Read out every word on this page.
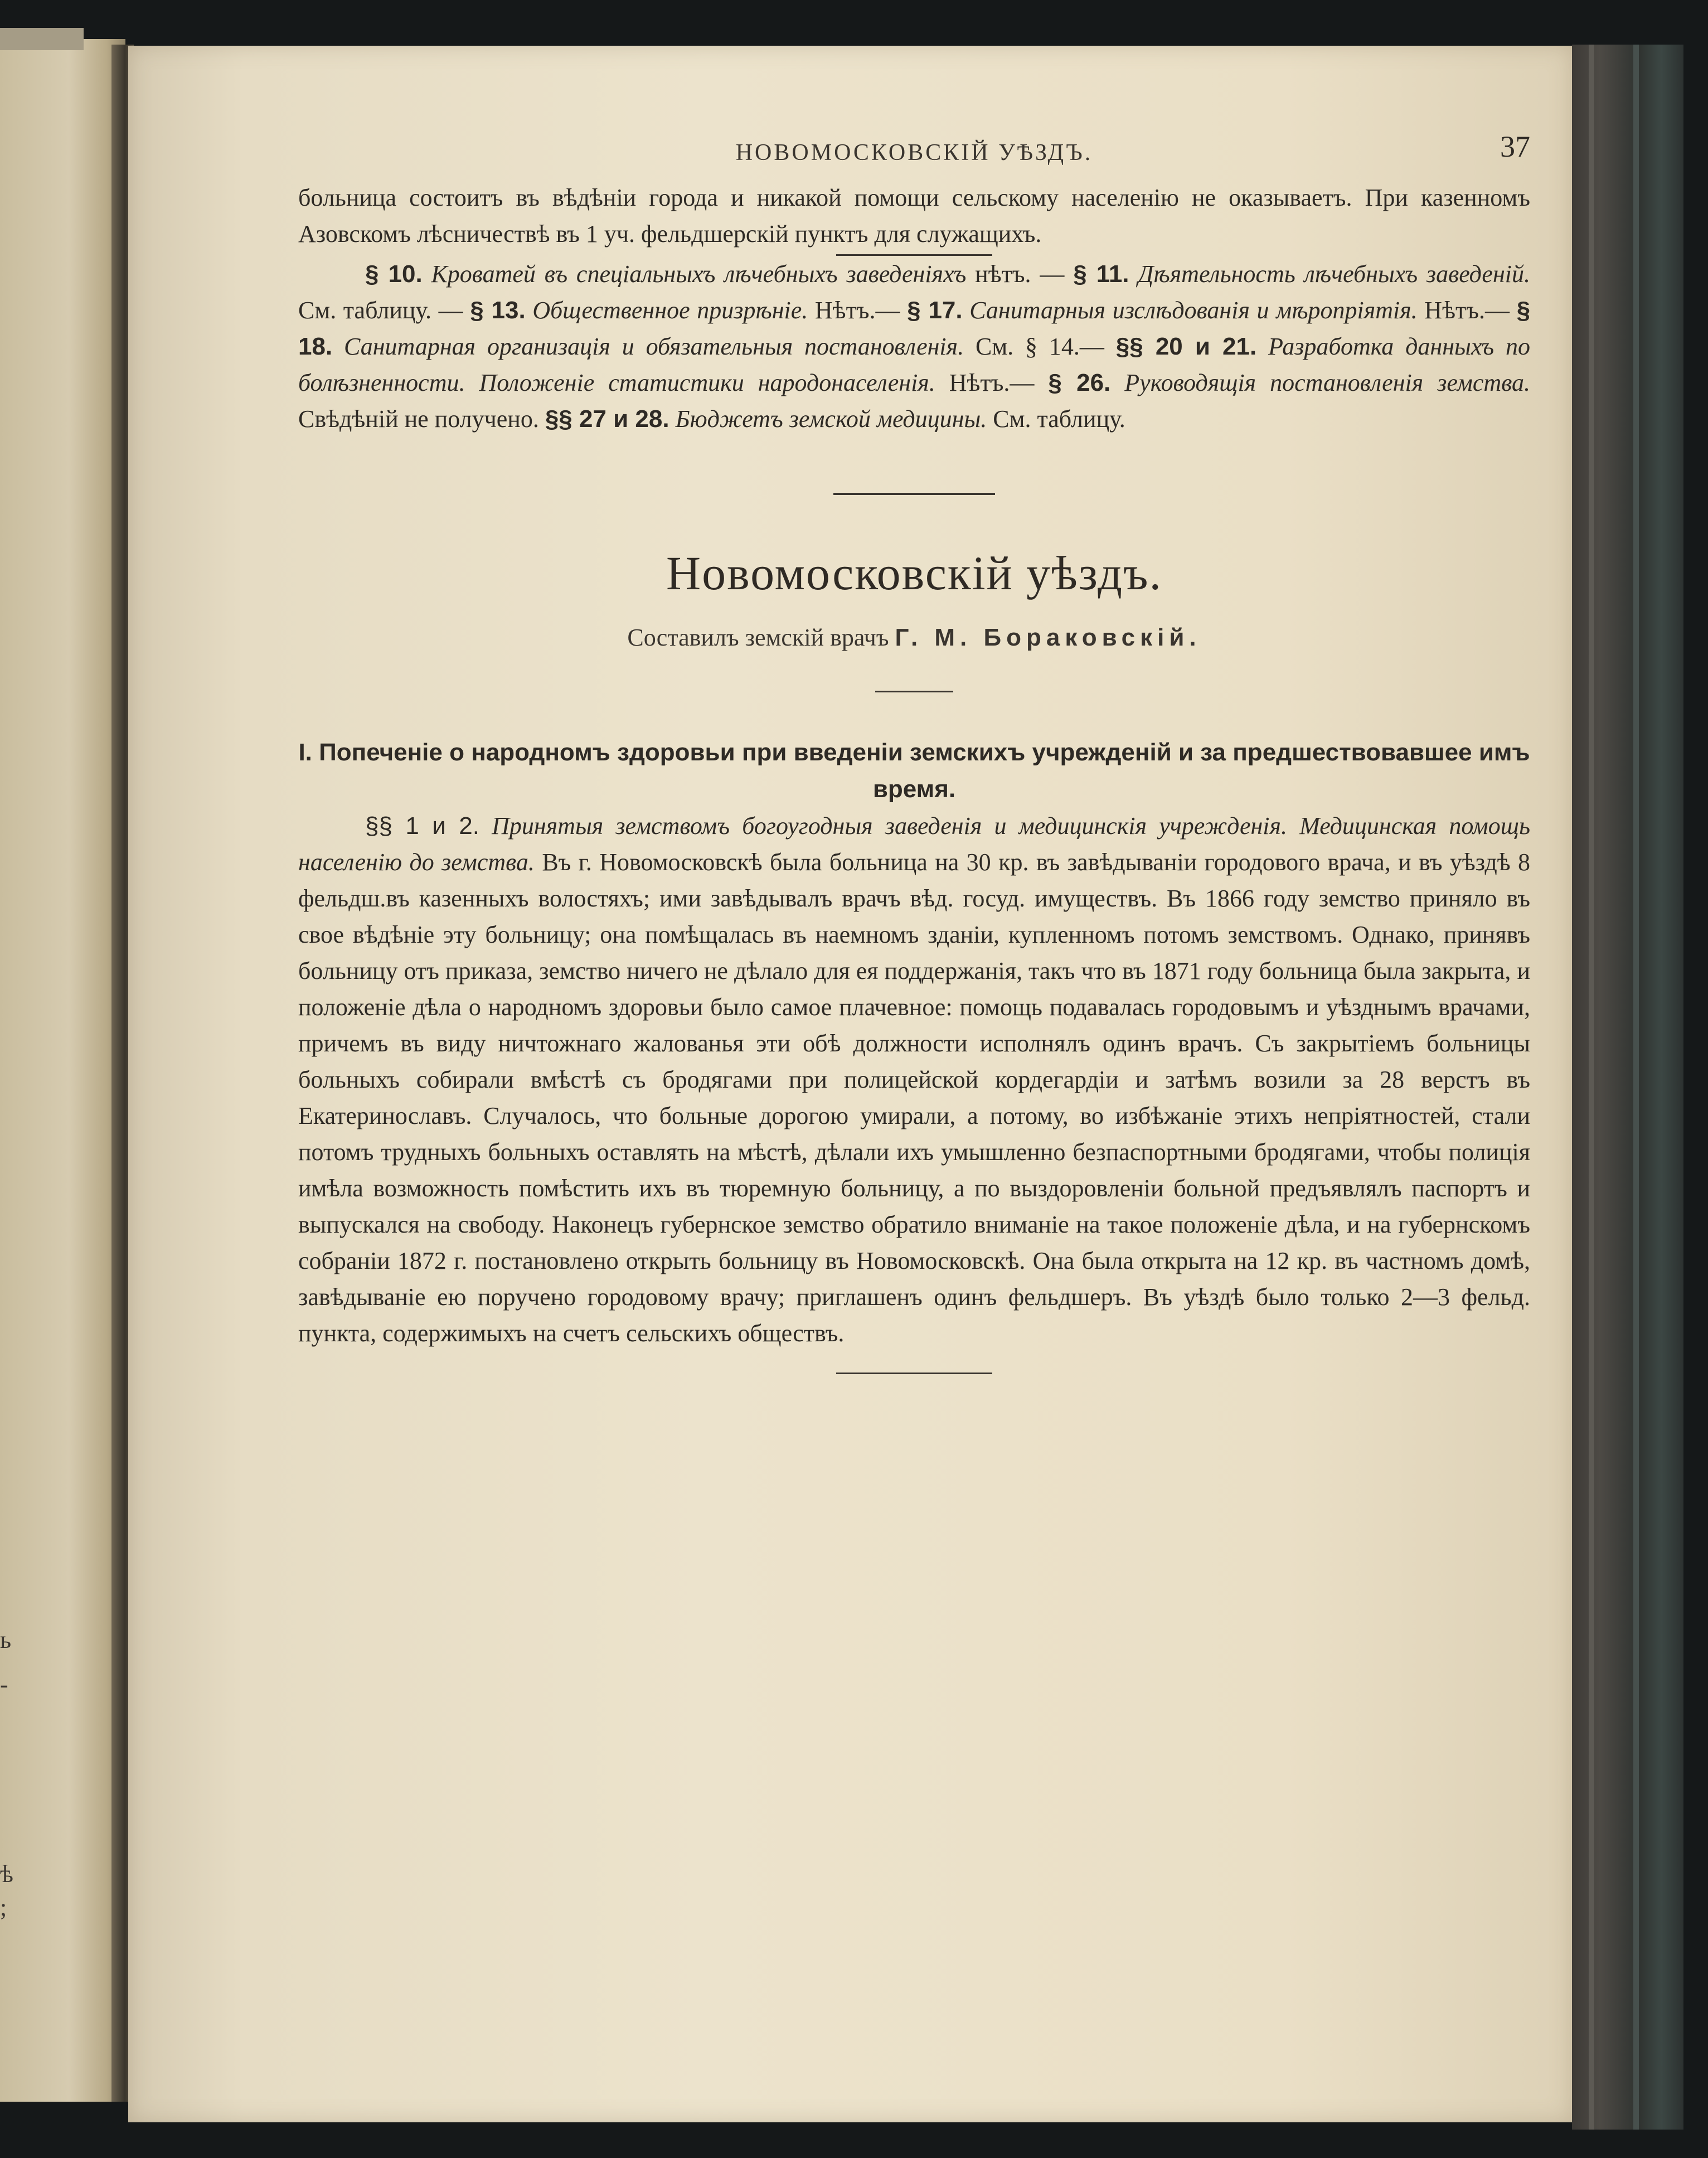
ь
-
ѣ
;
НОВОМОСКОВСКІЙ УѢЗДЪ.	37

больница состоитъ въ вѣдѣніи города и никакой помощи сельскому населенію не оказываетъ. При казенномъ Азовскомъ лѣсничествѣ въ 1 уч. фельдшерскій пунктъ для служащихъ.

§ 10. Кроватей въ спеціальныхъ лѣчебныхъ заведеніяхъ нѣтъ. — § 11. Дѣятельность лѣчебныхъ заведеній. См. таблицу. — § 13. Общественное призрѣніе. Нѣтъ.— § 17. Санитарныя изслѣдованія и мѣропріятія. Нѣтъ.— § 18. Санитарная организація и обязательныя постановленія. См. § 14.— §§ 20 и 21. Разработка данныхъ по болѣзненности. Положеніе статистики народонаселенія. Нѣтъ.— § 26. Руководящія постановленія земства. Свѣдѣній не получено. §§ 27 и 28. Бюджетъ земской медицины. См. таблицу.

Новомосковскій уѣздъ.
Составилъ земскій врачъ Г. М. Бораковскій.
I. Попеченіе о народномъ здоровьи при введеніи земскихъ учрежденій и за предшествовавшее имъ время.

§§ 1 и 2. Принятыя земствомъ богоугодныя заведенія и медицинскія учрежденія. Медицинская помощь населенію до земства. Въ г. Новомосковскѣ была больница на 30 кр. въ завѣдываніи городового врача, и въ уѣздѣ 8 фельдш.въ казенныхъ волостяхъ; ими завѣдывалъ врачъ вѣд. госуд. имуществъ. Въ 1866 году земство приняло въ свое вѣдѣніе эту больницу; она помѣщалась въ наемномъ зданіи, купленномъ потомъ земствомъ. Однако, принявъ больницу отъ приказа, земство ничего не дѣлало для ея поддержанія, такъ что въ 1871 году больница была закрыта, и положеніе дѣла о народномъ здоровьи было самое плачевное: помощь подавалась городовымъ и уѣзднымъ врачами, причемъ въ виду ничтожнаго жалованья эти обѣ должности исполнялъ одинъ врачъ. Съ закрытіемъ больницы больныхъ собирали вмѣстѣ съ бродягами при полицейской кордегардіи и затѣмъ возили за 28 верстъ въ Екатеринославъ. Случалось, что больные дорогою умирали, а потому, во избѣжаніе этихъ непріятностей, стали потомъ трудныхъ больныхъ оставлять на мѣстѣ, дѣлали ихъ умышленно безпаспортными бродягами, чтобы полиція имѣла возможность помѣстить ихъ въ тюремную больницу, а по выздоровленіи больной предъявлялъ паспортъ и выпускался на свободу. Наконецъ губернское земство обратило вниманіе на такое положеніе дѣла, и на губернскомъ собраніи 1872 г. постановлено открыть больницу въ Новомосковскѣ. Она была открыта на 12 кр. въ частномъ домѣ, завѣдываніе ею поручено городовому врачу; приглашенъ одинъ фельдшеръ. Въ уѣздѣ было только 2—3 фельд. пункта, содержимыхъ на счетъ сельскихъ обществъ.
